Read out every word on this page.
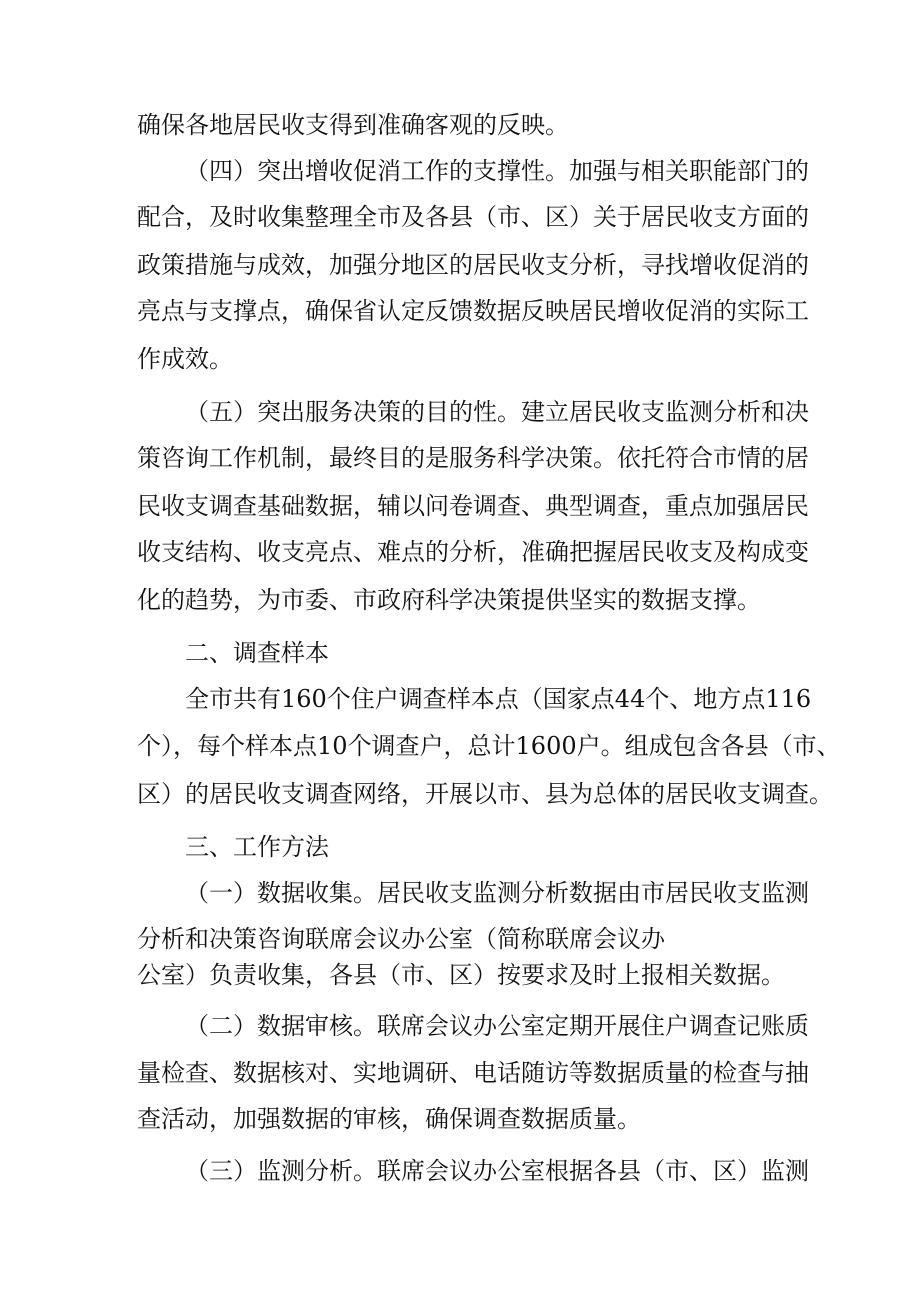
确保各地居民收支得到准确客观的反映。
（四）突出增收促消工作的支撑性。加强与相关职能部门的
配合，及时收集整理全市及各县（市、区）关于居民收支方面的
政策措施与成效，加强分地区的居民收支分析，寻找增收促消的
亮点与支撑点，确保省认定反馈数据反映居民增收促消的实际工
作成效。
（五）突出服务决策的目的性。建立居民收支监测分析和决
策咨询工作机制，最终目的是服务科学决策。依托符合市情的居
民收支调查基础数据，辅以问卷调查、典型调查，重点加强居民
收支结构、收支亮点、难点的分析，准确把握居民收支及构成变
化的趋势，为市委、市政府科学决策提供坚实的数据支撑。
二、调查样本
全市共有160个住户调查样本点（国家点44个、地方点116
个），每个样本点10个调查户，总计1600户。组成包含各县（市、
区）的居民收支调查网络，开展以市、县为总体的居民收支调查。
三、工作方法
（一）数据收集。居民收支监测分析数据由市居民收支监测
分析和决策咨询联席会议办公室（简称联席会议办
公室）负责收集，各县（市、区）按要求及时上报相关数据。
（二）数据审核。联席会议办公室定期开展住户调查记账质
量检查、数据核对、实地调研、电话随访等数据质量的检查与抽
查活动，加强数据的审核，确保调查数据质量。
（三）监测分析。联席会议办公室根据各县（市、区）监测
